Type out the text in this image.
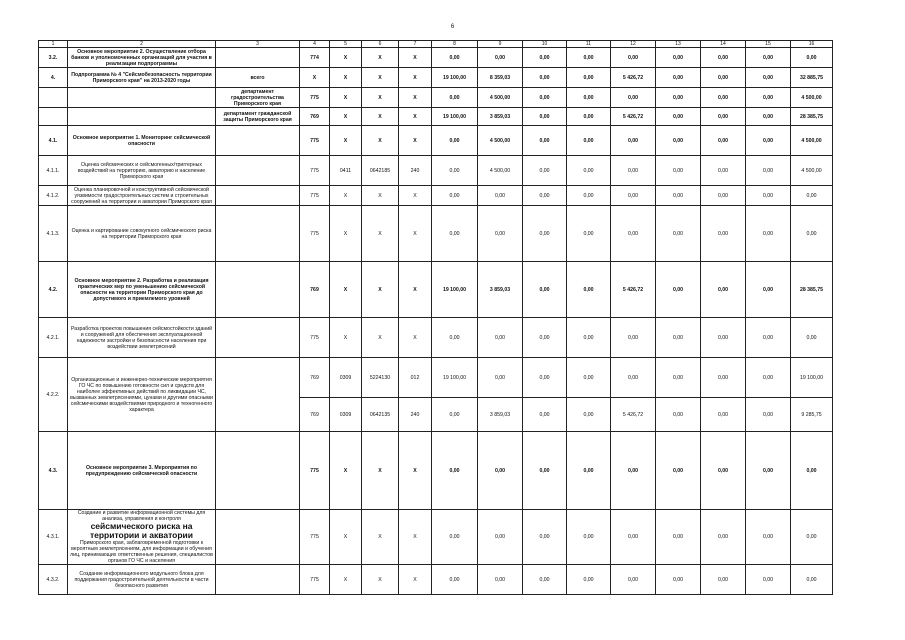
6
1	2	3	4	5	6	7	8	9	10	11	12	13	14	15	16
3.2.	Основное мероприятие 2. Осуществление отбора банков и уполномоченных организаций для участия в реализации подпрограммы		774	X	X	X	0,00	0,00	0,00	0,00	0,00	0,00	0,00	0,00	0,00
4.	Подпрограмма № 4 "Сейсмобезопасность территории Приморского края" на 2013-2020 годы	всего	X	X	X	X	19 100,00	8 359,03	0,00	0,00	5 426,72	0,00	0,00	0,00	32 885,75
		департамент градостроительства Приморского края	775	X	X	X	0,00	4 500,00	0,00	0,00	0,00	0,00	0,00	0,00	4 500,00
		департамент гражданской защиты Приморского края	769	X	X	X	19 100,00	3 859,03	0,00	0,00	5 426,72	0,00	0,00	0,00	28 385,75
4.1.	Основное мероприятие 1. Мониторинг сейсмической опасности		775	X	X	X	0,00	4 500,00	0,00	0,00	0,00	0,00	0,00	0,00	4 500,00
4.1.1.	Оценка сейсмических и сейсмогенных/триггерных воздействий на территорию, акваторию и население Приморского края		775	0411	0642185	240	0,00	4 500,00	0,00	0,00	0,00	0,00	0,00	0,00	4 500,00
4.1.2.	Оценка планировочной и конструктивной сейсмической уязвимости градостроительных систем и строительных сооружений на территории и акватории Приморского края		775	X	X	X	0,00	0,00	0,00	0,00	0,00	0,00	0,00	0,00	0,00
4.1.3.	Оценка и картирование совокупного сейсмического риска на территории Приморского края		775	X	X	X	0,00	0,00	0,00	0,00	0,00	0,00	0,00	0,00	0,00
4.2.	Основное мероприятие 2. Разработка и реализация практических мер по уменьшению сейсмической опасности на территории Приморского края до допустимого и приемлемого уровней		769	X	X	X	19 100,00	3 859,03	0,00	0,00	5 426,72	0,00	0,00	0,00	28 385,75
4.2.1.	Разработка проектов повышения сейсмостойкости зданий и сооружений для обеспечения эксплуатационной надежности застройки и безопасности населения при воздействии землетрясений		775	X	X	X	0,00	0,00	0,00	0,00	0,00	0,00	0,00	0,00	0,00
4.2.2.	Организационные и инженерно-технические мероприятия ГО ЧС по повышению готовности сил и средств для наиболее эффективных действий по ликвидации ЧС, вызванных землетрясениями, цунами и другими опасными сейсмическими воздействиями природного и техногенного характера		769	0309	5224130	012	19 100,00	0,00	0,00	0,00	0,00	0,00	0,00	0,00	19 100,00
			769	0309	0642135	240	0,00	3 859,03	0,00	0,00	5 426,72	0,00	0,00	0,00	9 285,75
4.3.	Основное мероприятие 3. Мероприятия по предупреждению сейсмической опасности		775	X	X	X	0,00	0,00	0,00	0,00	0,00	0,00	0,00	0,00	0,00
4.3.1.	Создание и развитие информационной системы для анализа, управления и контроля
сейсмического риска на территории и акватории
Приморского края, заблаговременной подготовки к вероятным землетрясениям, для информации и обучения лиц, принимающих ответственные решения, специалистов органов ГО ЧС и населения		775	X	X	X	0,00	0,00	0,00	0,00	0,00	0,00	0,00	0,00	0,00
4.3.2.	Создание информационного модульного блока для поддержания градостроительной деятельности в части безопасного развития		775	X	X	X	0,00	0,00	0,00	0,00	0,00	0,00	0,00	0,00	0,00
